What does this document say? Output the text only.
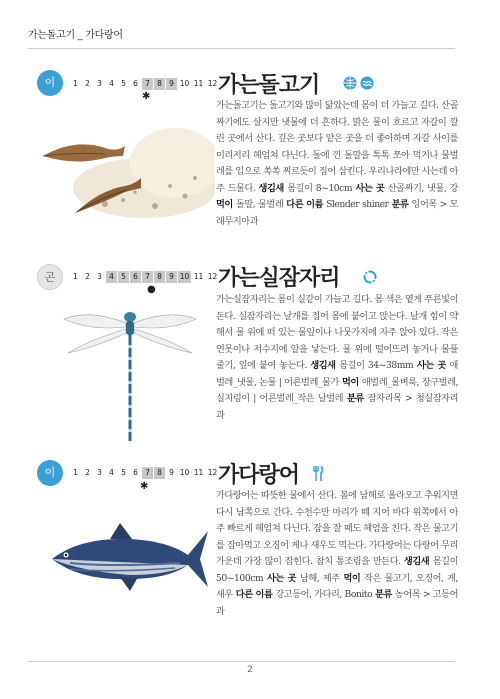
가는돌고기 _ 가다랑어
이	1 2 3 4 5 6 7 8 9 10 11 12
✱	가는돌고기
가는돌고기는 돌고기와 많이 닮았는데 몸이 더 가늘고 길다. 산골짜기에도 살지만 냇물에 더 흔하다. 맑은 물이 흐르고 자갈이 깔린 곳에서 산다. 깊은 곳보다 얕은 곳을 더 좋아하며 자갈 사이를 이리저리 헤엄쳐 다닌다. 돌에 낀 돌말을 톡톡 쪼아 먹거나 물벌레를 입으로 쏙쏙 찌르듯이 집어 삼킨다. 우리나라에만 사는데 아주 드물다. 생김새 몸길이 8~10cm 사는 곳 산골짜기, 냇물, 강 먹이 돌말, 물벌레 다른 이름 Slender shiner 분류 잉어목 > 모래무지아과
곤	1 2 3 4 5 6 7 8 9 10 11 12
●	가는실잠자리
가는실잠자리는 몸이 실같이 가늘고 길다. 몸 색은 옅게 푸른빛이 돈다. 실잠자리는 날개를 접어 몸에 붙이고 앉는다. 날개 힘이 약해서 물 위에 떠 있는 물잎이나 나뭇가지에 자주 앉아 있다. 작은 연못이나 저수지에 알을 낳는다. 물 위에 떨어뜨려 놓거나 물풀 줄기, 잎에 붙여 놓는다. 생김새 몸길이 34~38mm 사는 곳 애벌레_냇물, 논물 | 어른벌레_물가 먹이 애벌레_물벼룩, 장구벌레, 실지렁이 | 어른벌레_작은 날벌레 분류 잠자리목 > 청실잠자리과
이	1 2 3 4 5 6 7 8 9 10 11 12
✱	가다랑어
가다랑어는 따뜻한 물에서 산다. 봄에 남해로 올라오고 추워지면 다시 남쪽으로 간다. 수천수만 마리가 떼 지어 바다 위쪽에서 아주 빠르게 헤엄쳐 다닌다. 잠을 잘 때도 헤엄을 친다. 작은 물고기를 잡아먹고 오징어 게나 새우도 먹는다. 가다랑어는 다랑어 무리 가운데 가장 많이 잡힌다. 참치 통조림을 만든다. 생김새 몸길이 50~100cm 사는 곳 남해, 제주 먹이 작은 물고기, 오징어, 게, 새우 다른 이름 강고등어, 가다리, Bonito 분류 농어목 > 고등어과
2
